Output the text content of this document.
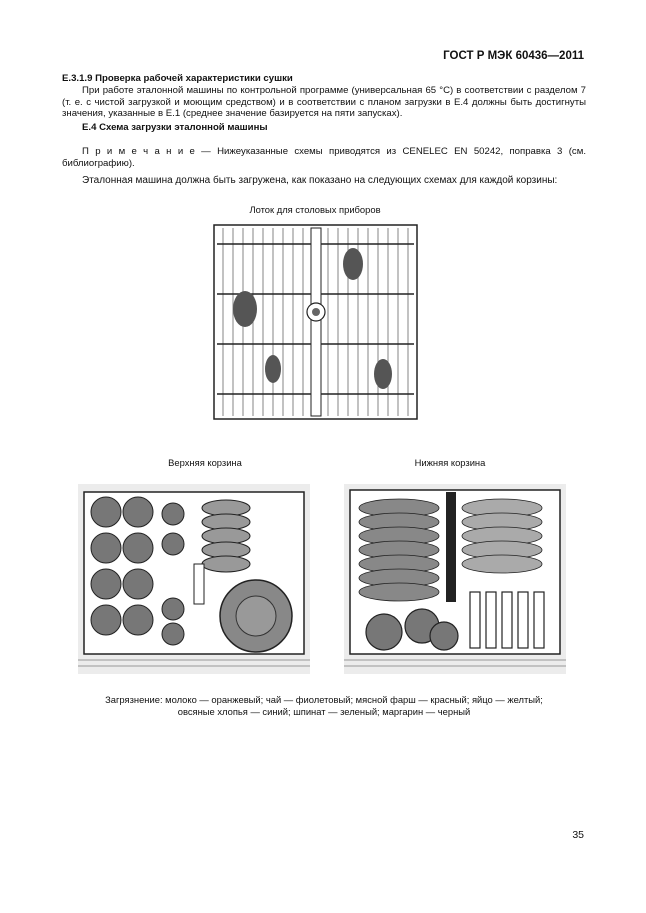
ГОСТ Р МЭК 60436—2011
E.3.1.9 Проверка рабочей характеристики сушки
При работе эталонной машины по контрольной программе (универсальная 65 °C) в соответствии с разделом 7 (т. е. с чистой загрузкой и моющим средством) и в соответствии с планом загрузки в E.4 должны быть достигнуты значения, указанные в E.1 (среднее значение базируется на пяти запусках).
E.4 Схема загрузки эталонной машины
П р и м е ч а н и е — Нижеуказанные схемы приводятся из CENELEC EN 50242, поправка 3 (см. библиографию).
Эталонная машина должна быть загружена, как показано на следующих схемах для каждой корзины:
Лоток для столовых приборов
Верхняя корзина	Нижняя корзина
Загрязнение: молоко — оранжевый; чай — фиолетовый; мясной фарш — красный; яйцо — желтый;
овсяные хлопья — синий; шпинат — зеленый; маргарин — черный
35
